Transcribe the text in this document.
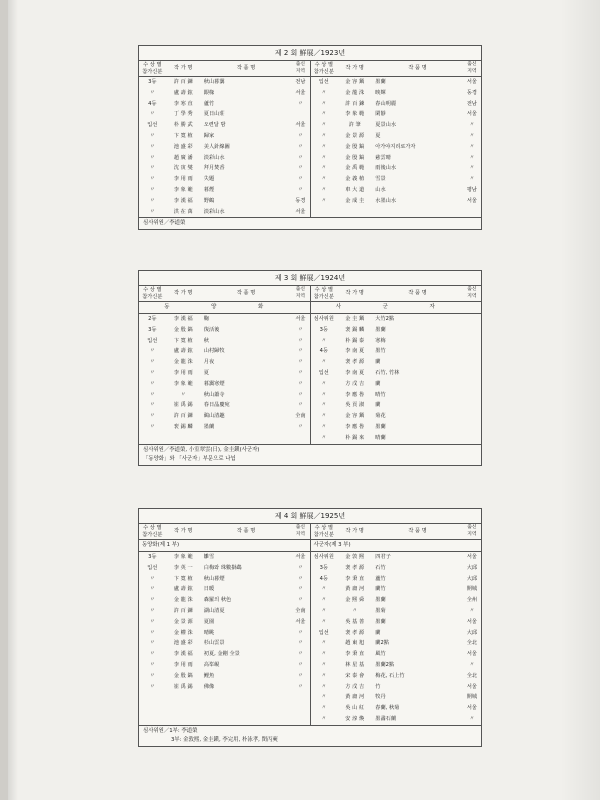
제 2 회 鮮展／1923년
수 상 별
참가신분	작 가 명	작 품 명	출신
지역
3등	許 百 鍊	秋山暮靄	전남
〃	盧 壽 鉉	銀椽	서울
4등	李 寒 直	蘆竹	〃
〃	丁 學 秀	夏日山莊	
입선	朴 勝 武	오련달 밤	서울
〃	卞 寬 植	歸家	〃
〃	池 盛 彩	美人針線圖	〃
〃	趙 廣 潘	淡彩山水	〃
〃	沈 寅 燮	拜月焚香	〃
〃	李 用 雨	失題	〃
〃	李 象 範	暮煙	〃
〃	李 漢 福	野鶴	동경
〃	洪 在 萬	淡彩山水	서울
수 상 별
참가신분	작 가 명	작 품 명	출신
지역
입선	金 容 鎭	墨蘭	서울
〃	金 龍 洙	映輝	동경
〃	許 百 鍊	春山明麗	전남
〃	李 象 範	閑靜	서울
〃	許 筆	夏景山水	〃
〃	金 景 源	夏	〃
〃	金 殷 鎬	아가야지리로가자	〃
〃	金 殷 鎬	慈雲晴	〃
〃	金 禹 範	雨後山水	〃
〃	金 義 植	雪景	〃
〃	車 大 道	山水	평남
〃	金 成 圭	水墨山水	서울

심사위원／李道榮
제 3 회 鮮展／1924년
수 상 별
참가신분	작 가 명	작 품 명	출신
지역
동 양 화			
2등	李 漢 福	鞠	서울
3등	金 殷 鎬	復活後	〃
입선	卞 寬 植	秋	〃
〃	盧 壽 鉉	山村歸牧	〃
〃	金 龍 洙	月夜	〃
〃	李 用 雨	夏	〃
〃	李 象 範	暮靄寒煙	〃
〃	〃	秋山蕭寺	〃
〃	崔 禹 錫	春日晶慶宛	〃
〃	許 百 鍊	鷄山清趣	全南
〃	裵 錫 麟	墨蘭	〃

수 상 별
참가신분	작 가 명	작 품 명	출신
지역
사 군 자			
심사위원	金 圭 鎭	大竹2點	
3등	裵 錫 麟	墨蘭	
〃	朴 錫 泰	寒梅	
4등	李 南 夏	墨竹	
〃	裵 孝 源	蘭	
입선	李 南 夏	石竹, 竹林	
〃	方 戊 吉	蘭	
〃	李 應 魯	晴竹	
〃	吳 貢 淑	蘭	
〃	金 容 鎭	菊花	
〃	李 應 魯	墨蘭	
〃	朴 錫 來	晴蘭	
심사위원／李道榮, 小室翠雲(日), 金圭鎭(사군자)
「동양화」와 「사군자」부문으로 나뉨
제 4 회 鮮展／1925년
수 상 별
참가신분	작 가 명	작 품 명	출신
지역
동양화(제 1 부)			
3등	李 象 範	雛雪	서울
입선	李 英 一	白梅와 珠數掛鵡	〃
〃	卞 寬 植	秋山暮煙	〃
〃	盧 壽 鉉	日暖	〃
〃	金 龍 洙	森羅의 秋色	〃
〃	許 百 鍊	湖山清夏	全南
〃	金 景 源	夏園	서울
〃	金 權 洙	晴眺	〃
〃	池 盛 彩	杉山雲景	〃
〃	李 漢 福	初夏, 金剛 全景	〃
〃	李 用 雨	高峯峴	〃
〃	金 殷 鎬	鯉魚	〃
〃	崔 禹 錫	佛像	〃

수 상 별
참가신분	작 가 명	작 품 명	출신
지역
사군자(제 3 부)			
심사위원	金 敦 熙	四君子	서울
3등	裵 孝 源	石竹	大邱
4등	李 秉 直	蘆竹	大邱
〃	黃 庸 河	蘭竹	開城
〃	金 熙 舜	墨蘭	全州
〃	〃	墨菊	〃
〃	吳 基 善	墨蘭	서울
입선	裵 孝 源	蘭	大邱
〃	趙 東 旭	蘭2點	全北
〃	李 秉 直	風竹	서울
〃	林 星 基	墨蘭2點	〃
〃	宋 泰 會	梅花, 石上竹	全北
〃	方 戊 吉	竹	서울
〃	黃 庸 河	牧丹	開城
〃	吳 山 紅	春蘭, 秋菊	서울
〃	安 淳 煥	墨畵石蘭	〃
심사위원／1부: 李道榮
3부: 金敦熙, 金圭鎭, 李完用, 朴泳孝, 閔丙奭
